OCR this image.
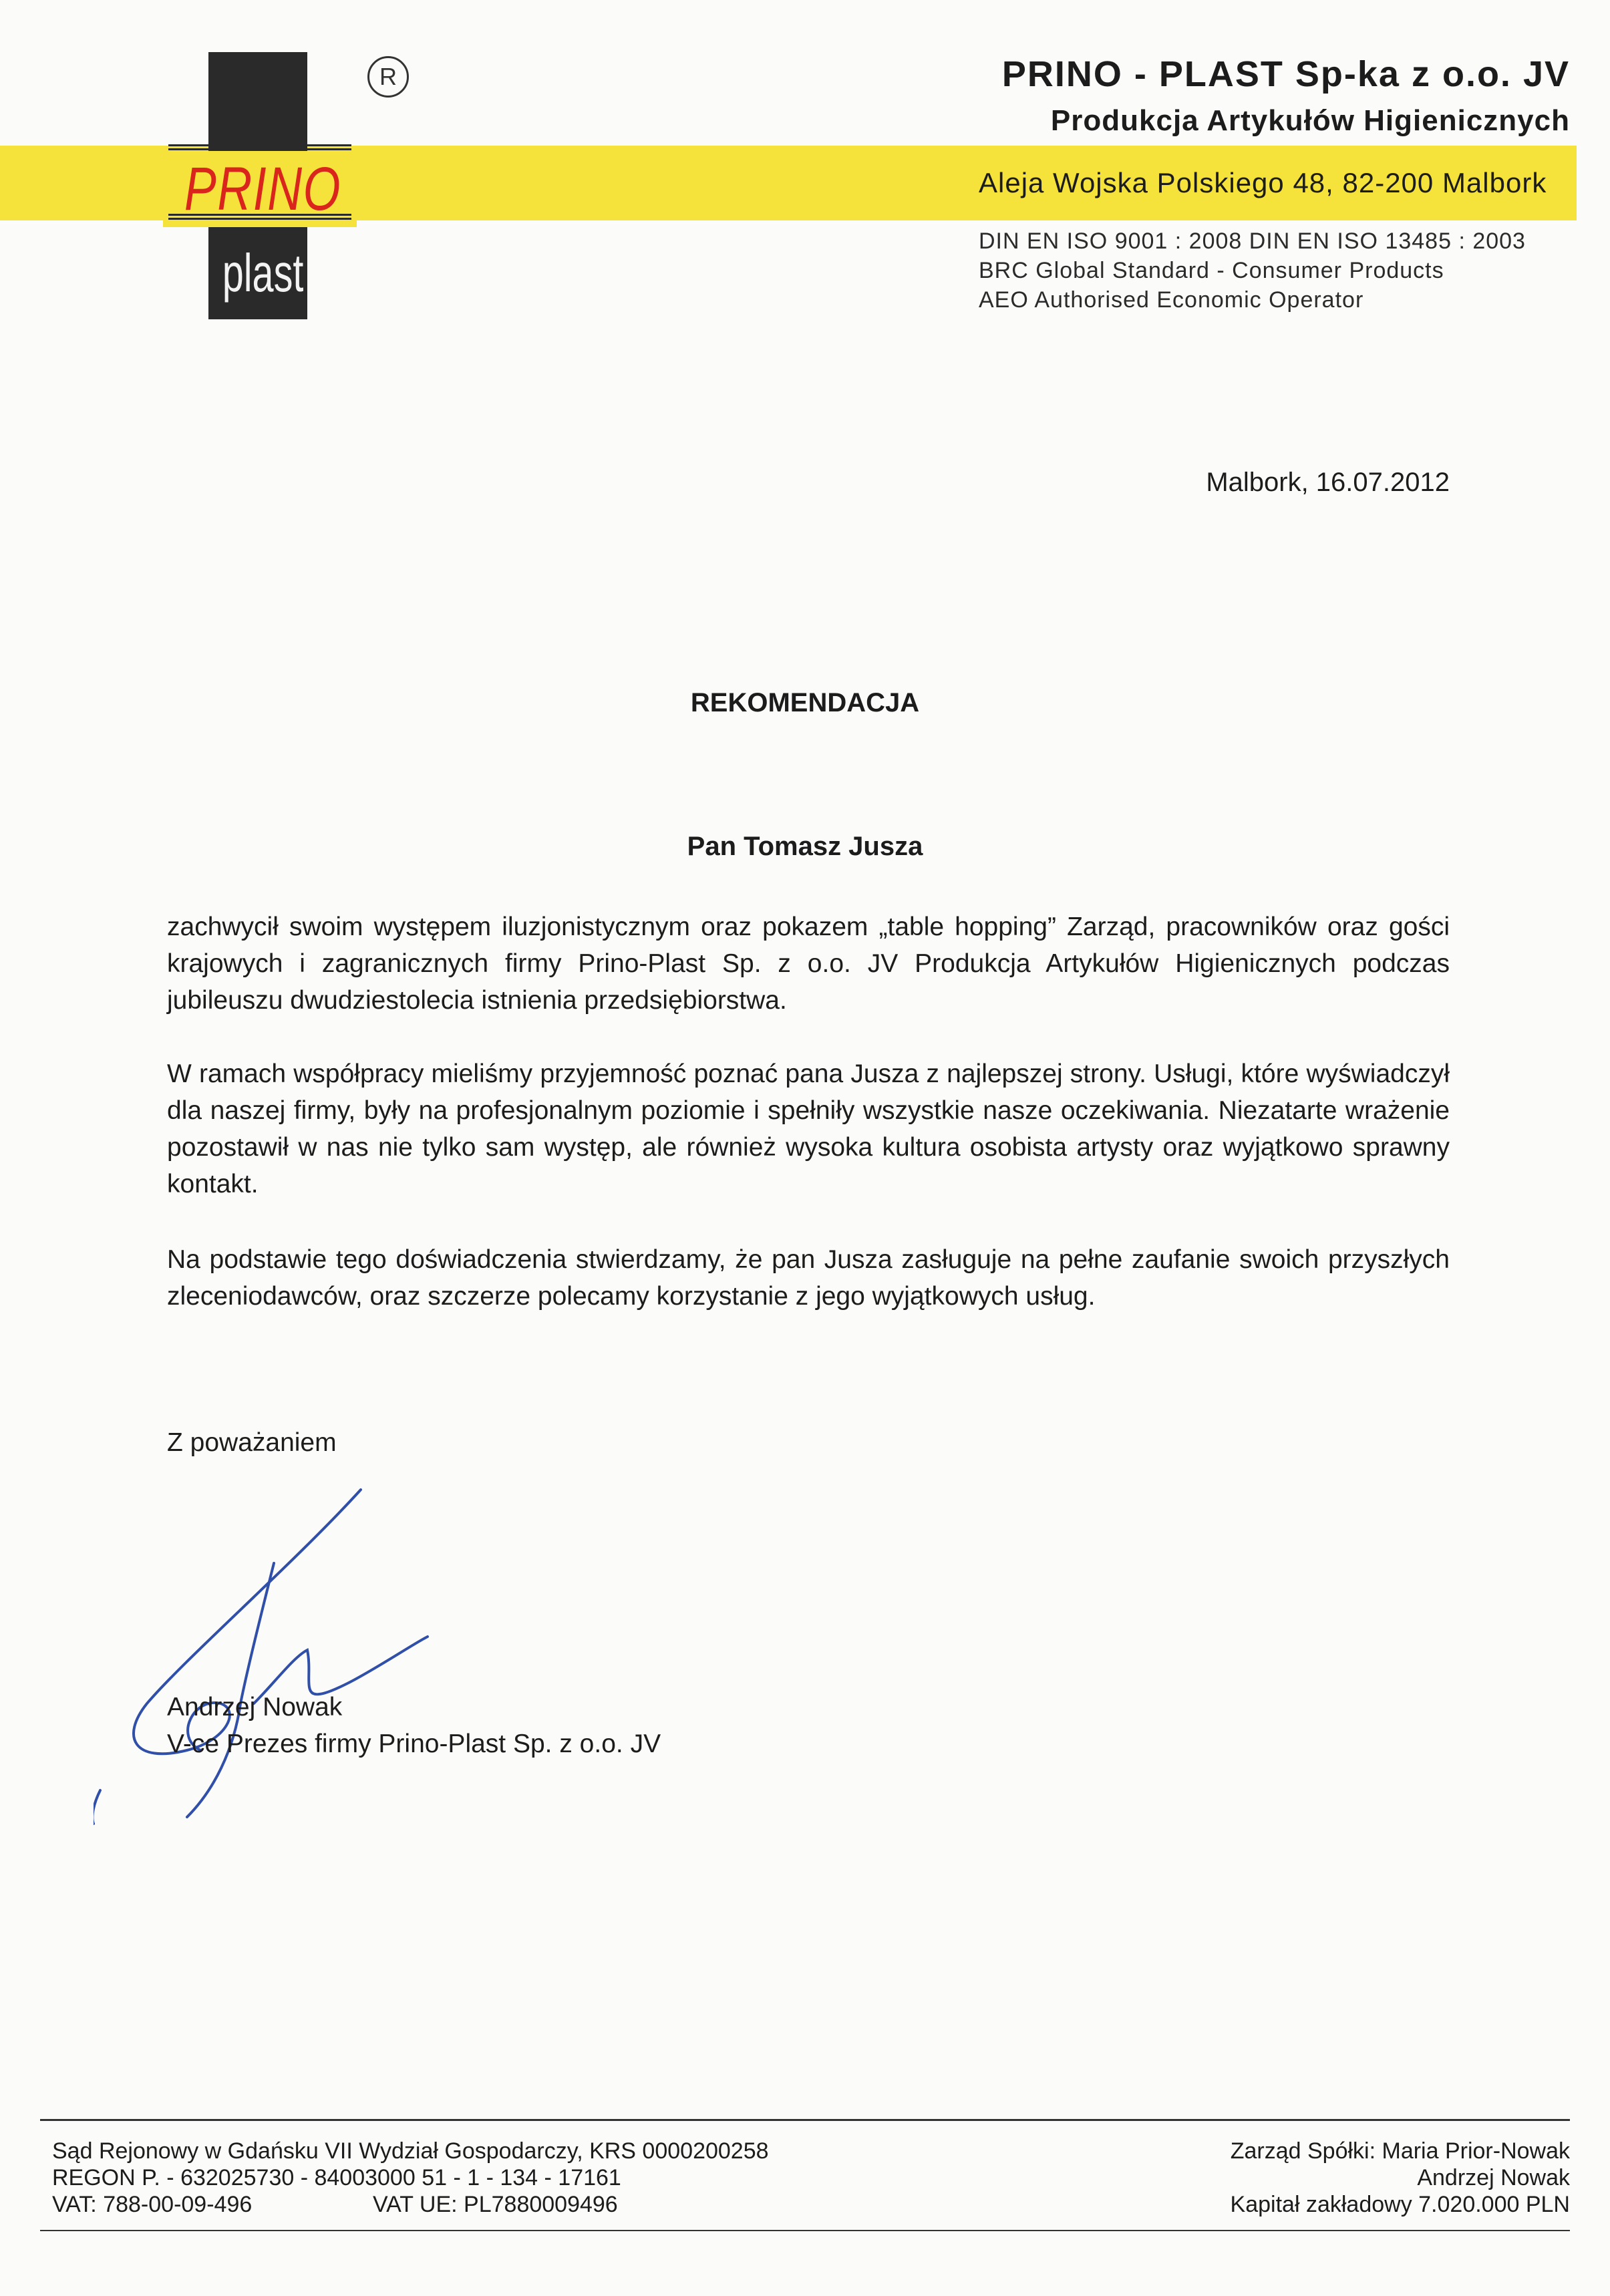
PRINO
plast
R	PRINO - PLAST Sp-ka z o.o. JV
Produkcja Artykułów Higienicznych
Aleja Wojska Polskiego 48, 82-200 Malbork
DIN EN ISO 9001 : 2008 DIN EN ISO 13485 : 2003
BRC Global Standard - Consumer Products
AEO Authorised Economic Operator
Malbork, 16.07.2012
REKOMENDACJA
Pan Tomasz Jusza
zachwycił swoim występem iluzjonistycznym oraz pokazem „table hopping” Zarząd, pracowników oraz gości krajowych i zagranicznych firmy Prino-Plast Sp. z o.o. JV Produkcja Artykułów Higienicznych podczas jubileuszu dwudziestolecia istnienia przedsiębiorstwa.
W ramach współpracy mieliśmy przyjemność poznać pana Jusza z najlepszej strony. Usługi, które wyświadczył dla naszej firmy, były na profesjonalnym poziomie i spełniły wszystkie nasze oczekiwania. Niezatarte wrażenie pozostawił w nas nie tylko sam występ, ale również wysoka kultura osobista artysty oraz wyjątkowo sprawny kontakt.
Na podstawie tego doświadczenia stwierdzamy, że pan Jusza zasługuje na pełne zaufanie swoich przyszłych zleceniodawców, oraz szczerze polecamy korzystanie z jego wyjątkowych usług.
Z poważaniem
Andrzej Nowak
V-ce Prezes firmy Prino-Plast Sp. z o.o. JV
Sąd Rejonowy w Gdańsku VII Wydział Gospodarczy, KRS 0000200258
REGON P. - 632025730 - 84003000 51 - 1 - 134 - 17161
VAT: 788-00-09-496	VAT UE: PL7880009496
Zarząd Spółki: Maria Prior-Nowak
Andrzej Nowak
Kapitał zakładowy 7.020.000 PLN
